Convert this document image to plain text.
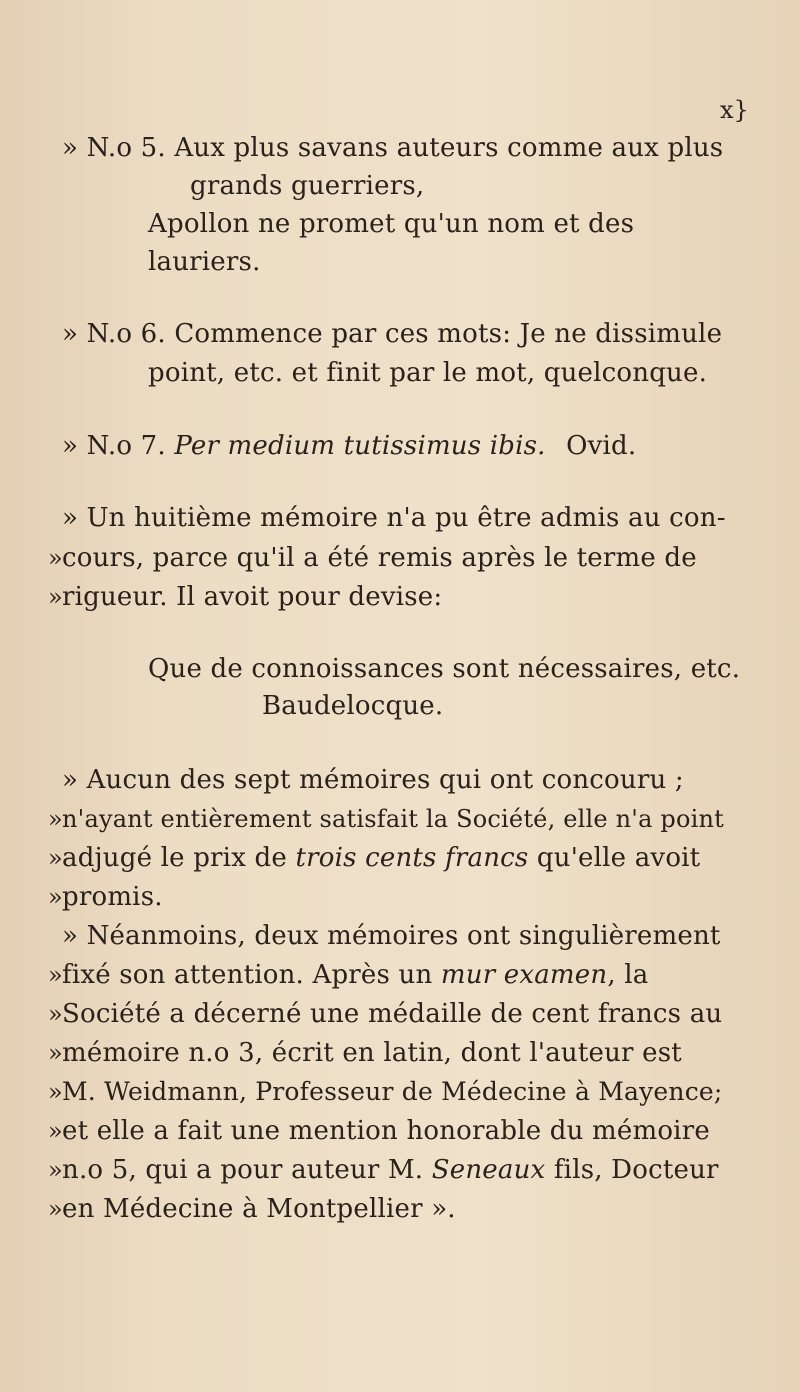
x}
» N.o 5. Aux plus savans auteurs comme aux plus
grands guerriers,
Apollon ne promet qu'un nom et des
lauriers.
» N.o 6. Commence par ces mots: Je ne dissimule
point, etc. et finit par le mot, quelconque.
» N.o 7. Per medium tutissimus ibis. Ovid.
» Un huitième mémoire n'a pu être admis au con-
» cours, parce qu'il a été remis après le terme de
» rigueur. Il avoit pour devise:
Que de connoissances sont nécessaires, etc.
Baudelocque.
» Aucun des sept mémoires qui ont concouru ;
» n'ayant entièrement satisfait la Société, elle n'a point
» adjugé le prix de trois cents francs qu'elle avoit
» promis.
» Néanmoins, deux mémoires ont singulièrement
» fixé son attention. Après un mur examen, la
» Société a décerné une médaille de cent francs au
» mémoire n.o 3, écrit en latin, dont l'auteur est
» M. Weidmann, Professeur de Médecine à Mayence;
» et elle a fait une mention honorable du mémoire
» n.o 5, qui a pour auteur M. Seneaux fils, Docteur
» en Médecine à Montpellier ».
